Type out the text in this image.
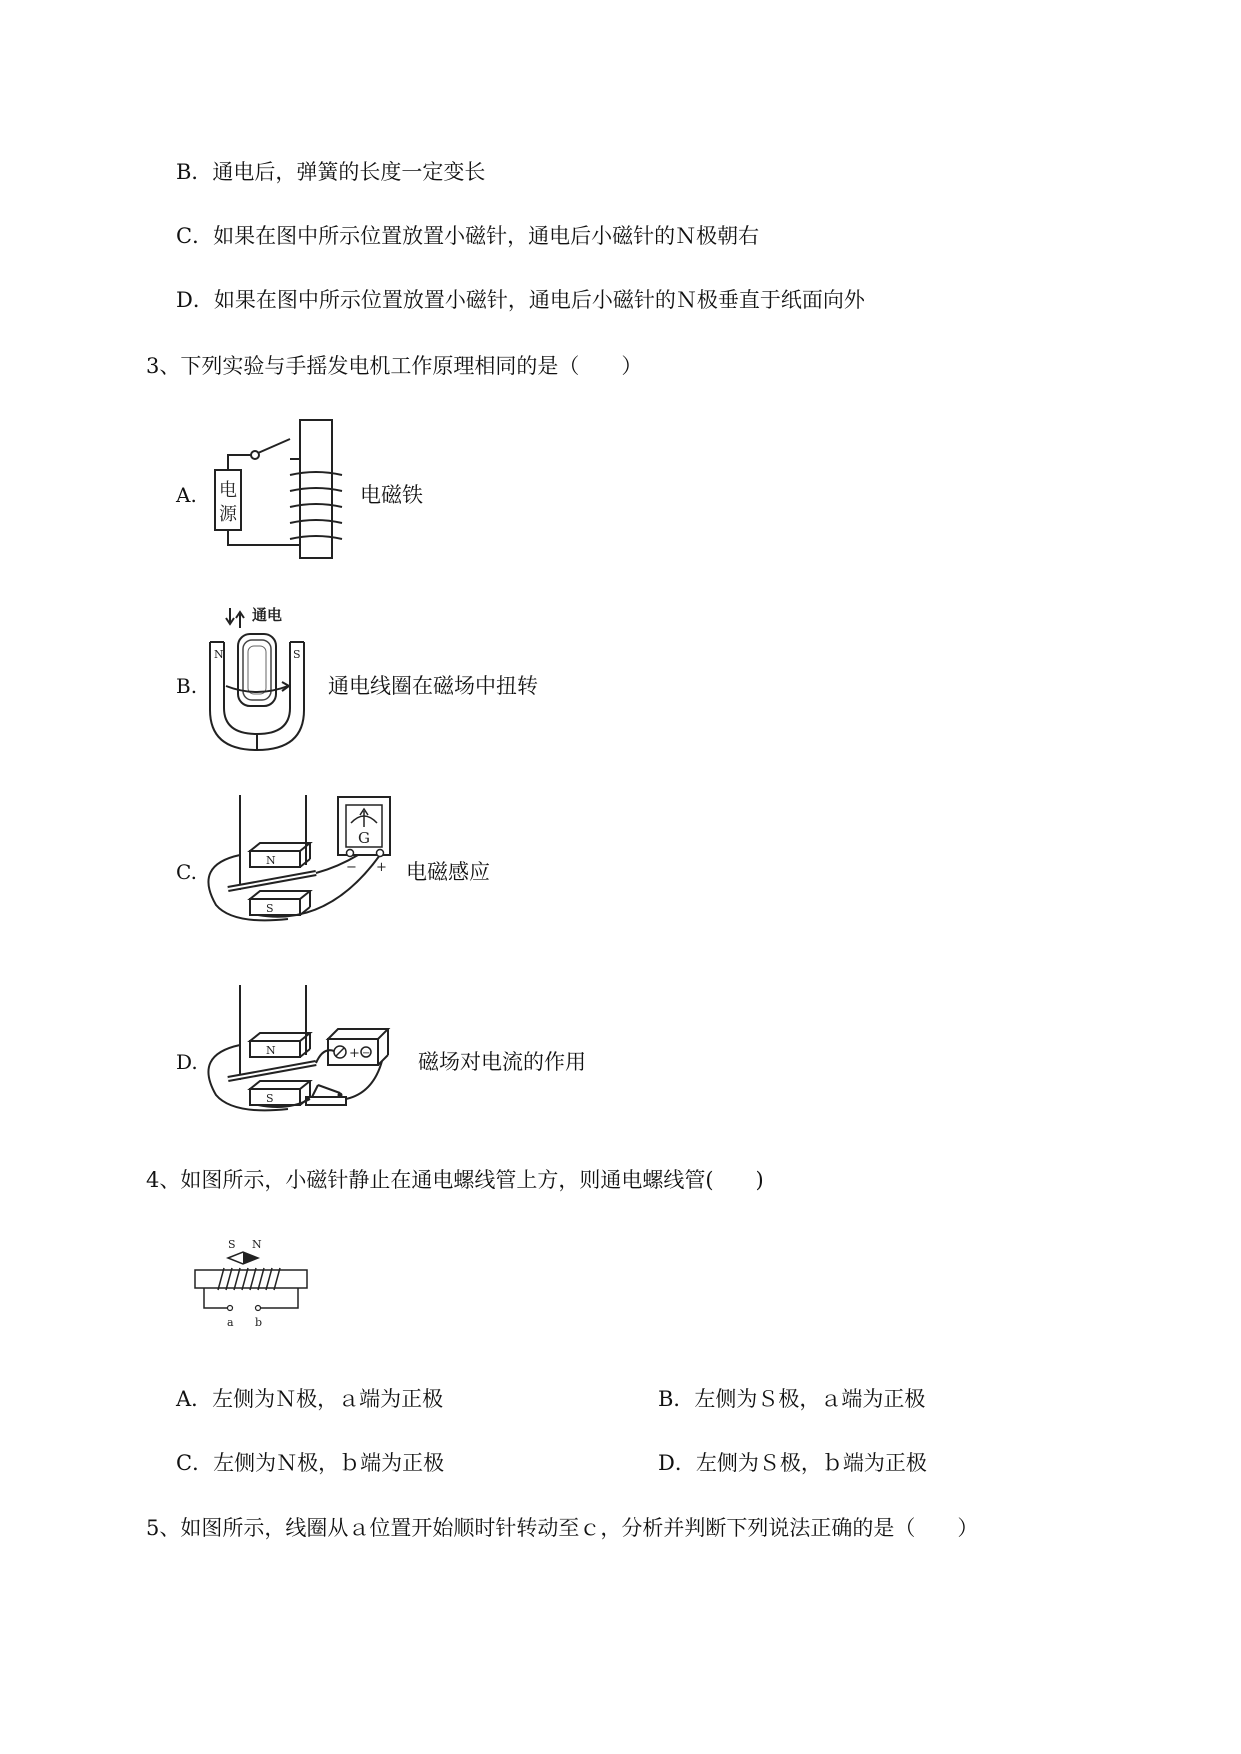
B．通电后，弹簧的长度一定变长
C．如果在图中所示位置放置小磁针，通电后小磁针的Ｎ极朝右
D．如果在图中所示位置放置小磁针，通电后小磁针的Ｎ极垂直于纸面向外
3、下列实验与手摇发电机工作原理相同的是（　　）
A. 电
源
电磁铁
B.
通电
N	S
通电线圈在磁场中扭转
C.	N
S
G
− + 电磁感应
D.	N
S
+ − 磁场对电流的作用
4、如图所示，小磁针静止在通电螺线管上方，则通电螺线管(　　)
S N
a b
A．左侧为Ｎ极，ａ端为正极	B．左侧为Ｓ极，ａ端为正极
C．左侧为Ｎ极，ｂ端为正极	D．左侧为Ｓ极，ｂ端为正极
5、如图所示，线圈从ａ位置开始顺时针转动至ｃ，分析并判断下列说法正确的是（　　）
